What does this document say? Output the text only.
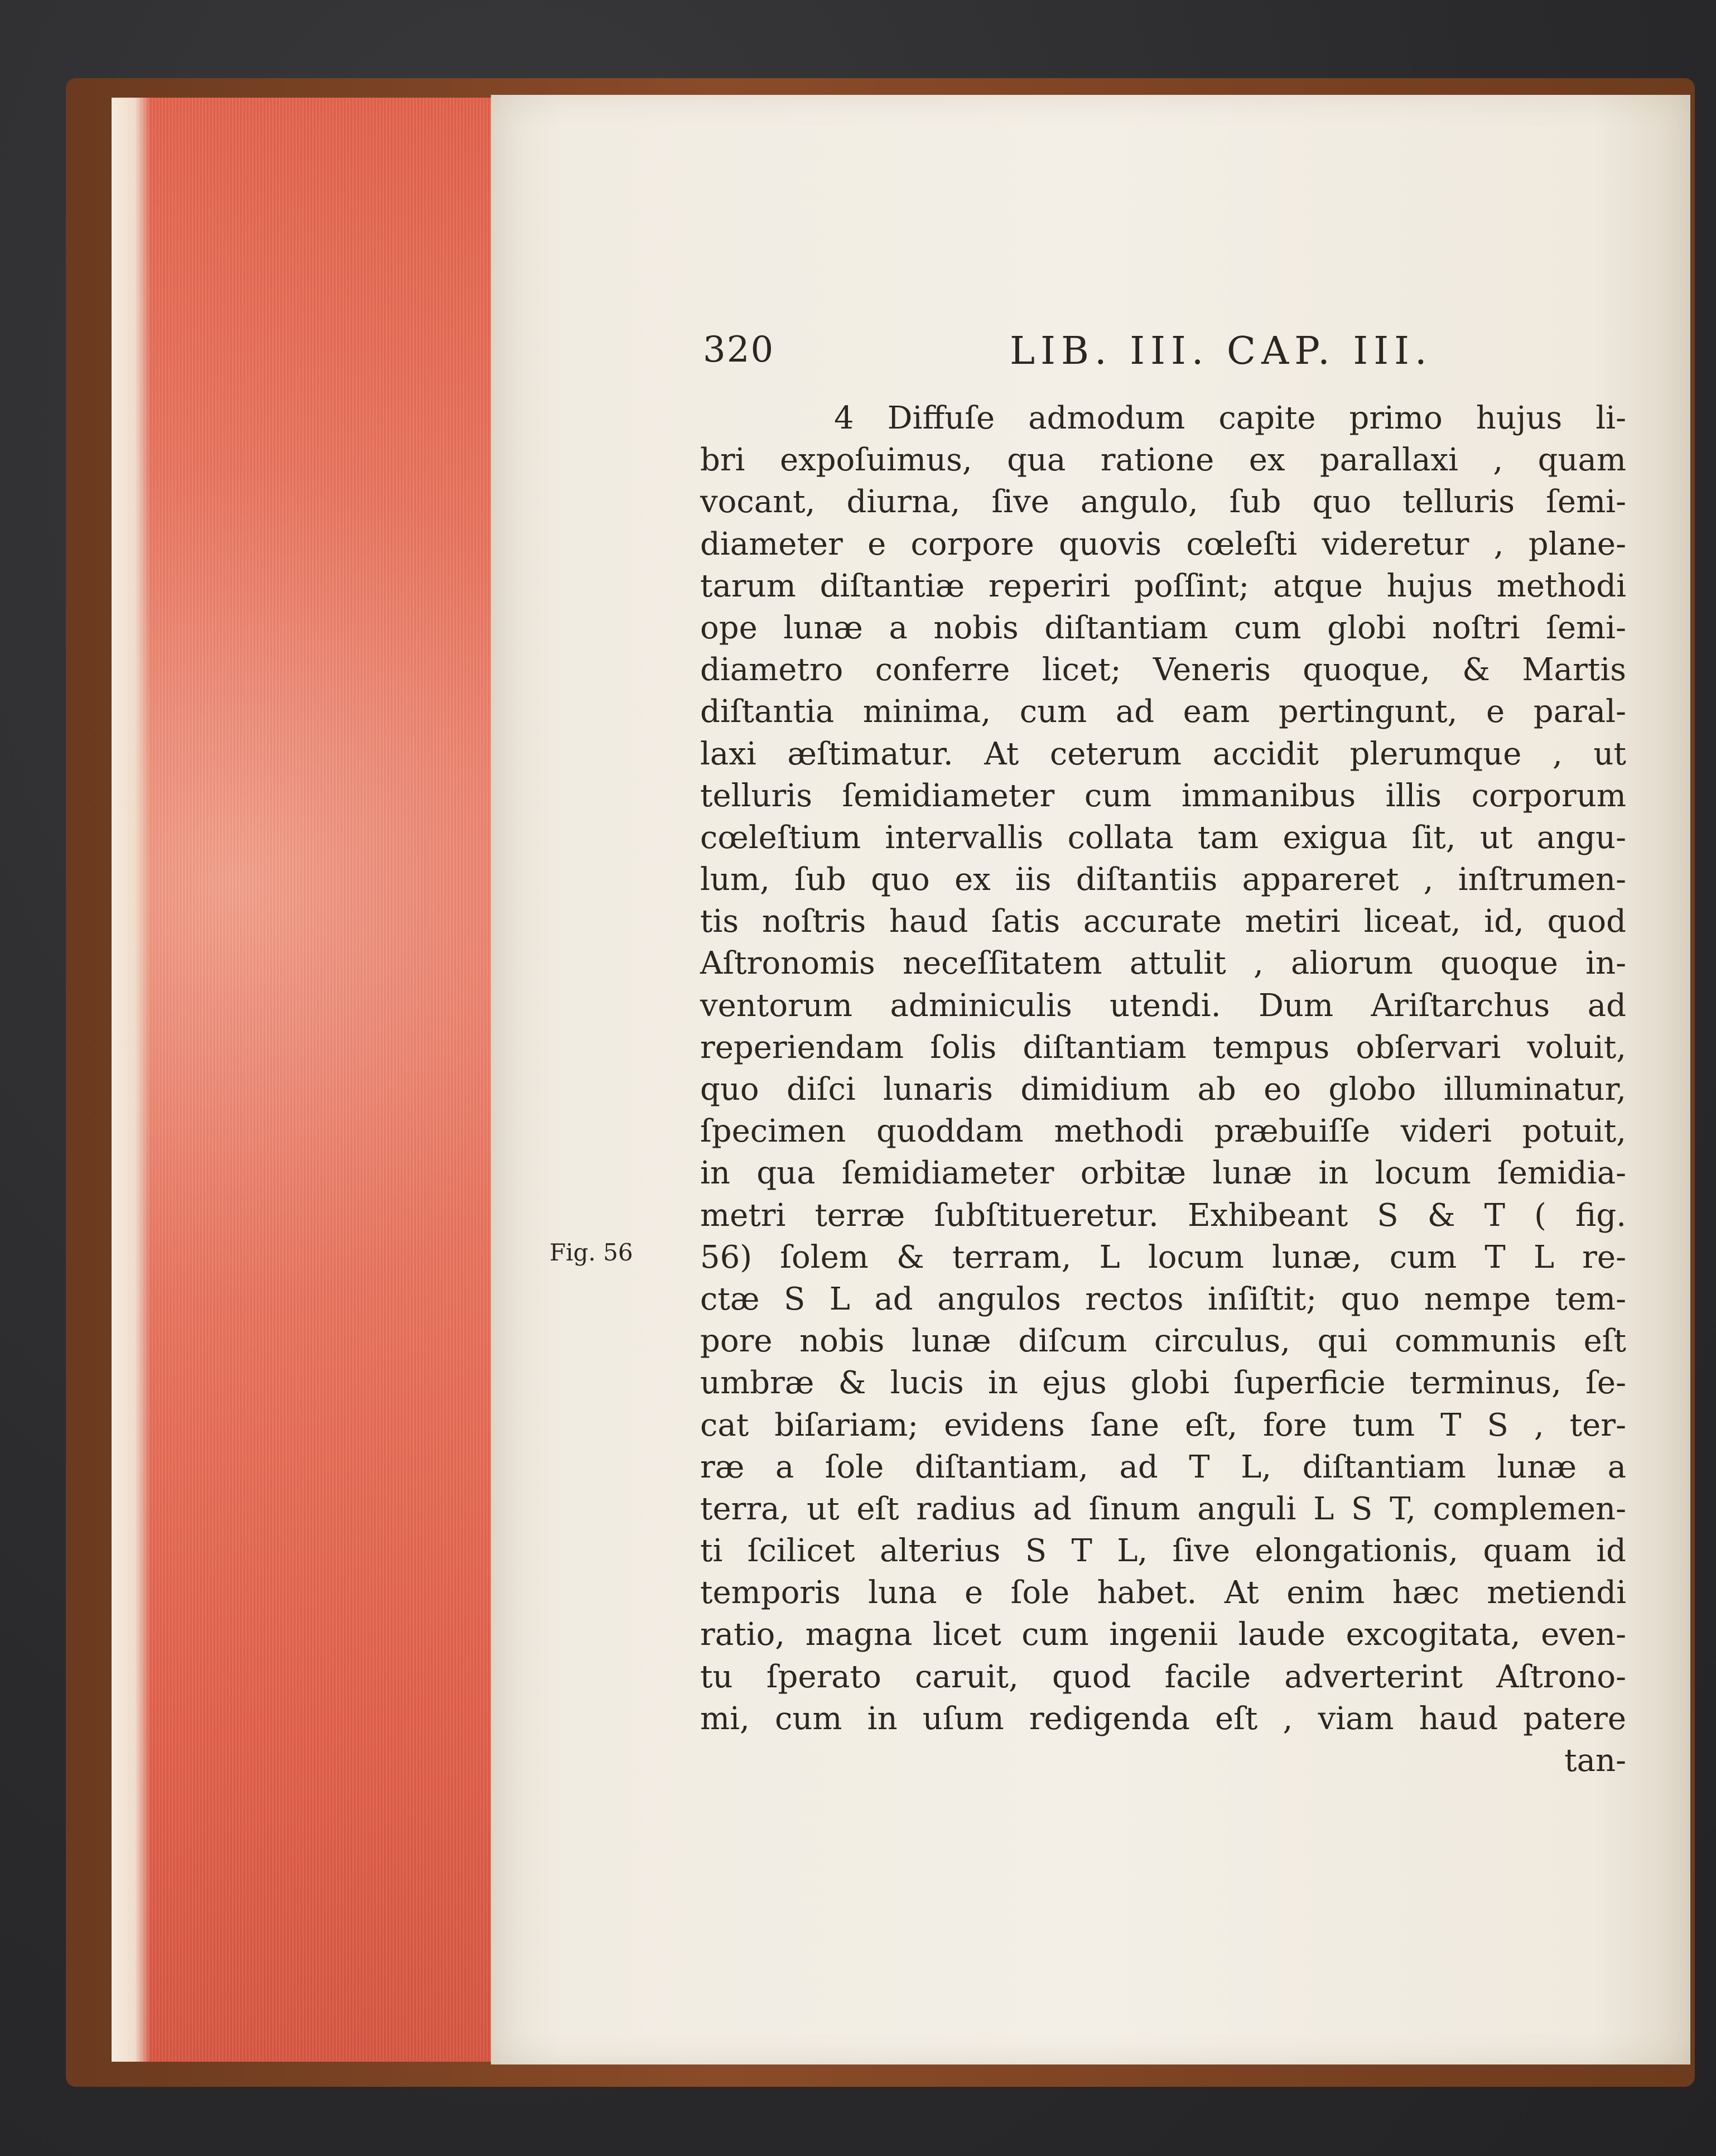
320	LIB. III. CAP. III.
Fig. 56
4 Diffuſe admodum capite primo hujus li-
bri expoſuimus, qua ratione ex parallaxi , quam
vocant, diurna, ſive angulo, ſub quo telluris ſemi-
diameter e corpore quovis cœleſti videretur , plane-
tarum diſtantiæ reperiri poſſint; atque hujus methodi
ope lunæ a nobis diſtantiam cum globi noſtri ſemi-
diametro conferre licet; Veneris quoque, & Martis
diſtantia minima, cum ad eam pertingunt, e paral-
laxi æſtimatur. At ceterum accidit plerumque , ut
telluris ſemidiameter cum immanibus illis corporum
cœleſtium intervallis collata tam exigua ſit, ut angu-
lum, ſub quo ex iis diſtantiis appareret , inſtrumen-
tis noſtris haud ſatis accurate metiri liceat, id, quod
Aſtronomis neceſſitatem attulit , aliorum quoque in-
ventorum adminiculis utendi. Dum Ariſtarchus ad
reperiendam ſolis diſtantiam tempus obſervari voluit,
quo diſci lunaris dimidium ab eo globo illuminatur,
ſpecimen quoddam methodi præbuiſſe videri potuit,
in qua ſemidiameter orbitæ lunæ in locum ſemidia-
metri terræ ſubſtitueretur. Exhibeant S & T ( fig.
56) ſolem & terram, L locum lunæ, cum T L re-
ctæ S L ad angulos rectos inſiſtit; quo nempe tem-
pore nobis lunæ diſcum circulus, qui communis eſt
umbræ & lucis in ejus globi ſuperficie terminus, ſe-
cat biſariam; evidens ſane eſt, fore tum T S , ter-
ræ a ſole diſtantiam, ad T L, diſtantiam lunæ a
terra, ut eſt radius ad ſinum anguli L S T, complemen-
ti ſcilicet alterius S T L, ſive elongationis, quam id
temporis luna e ſole habet. At enim hæc metiendi
ratio, magna licet cum ingenii laude excogitata, even-
tu ſperato caruit, quod facile adverterint Aſtrono-
mi, cum in uſum redigenda eſt , viam haud patere
tan-
